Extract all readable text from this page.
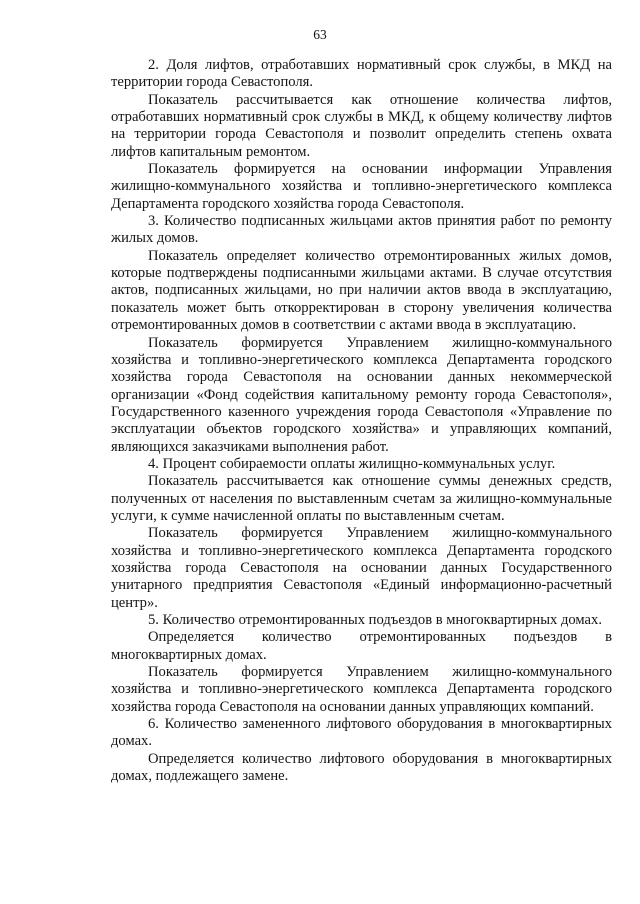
63

2. Доля лифтов, отработавших нормативный срок службы, в МКД на территории города Севастополя.

Показатель рассчитывается как отношение количества лифтов, отработавших нормативный срок службы в МКД, к общему количеству лифтов на территории города Севастополя и позволит определить степень охвата лифтов капитальным ремонтом.

Показатель формируется на основании информации Управления жилищно-коммунального хозяйства и топливно-энергетического комплекса Департамента городского хозяйства города Севастополя.

3. Количество подписанных жильцами актов принятия работ по ремонту жилых домов.

Показатель определяет количество отремонтированных жилых домов, которые подтверждены подписанными жильцами актами. В случае отсутствия актов, подписанных жильцами, но при наличии актов ввода в эксплуатацию, показатель может быть откорректирован в сторону увеличения количества отремонтированных домов в соответствии с актами ввода в эксплуатацию.

Показатель формируется Управлением жилищно-коммунального хозяйства и топливно-энергетического комплекса Департамента городского хозяйства города Севастополя на основании данных некоммерческой организации «Фонд содействия капитальному ремонту города Севастополя», Государственного казенного учреждения города Севастополя «Управление по эксплуатации объектов городского хозяйства» и управляющих компаний, являющихся заказчиками выполнения работ.

4. Процент собираемости оплаты жилищно-коммунальных услуг.

Показатель рассчитывается как отношение суммы денежных средств, полученных от населения по выставленным счетам за жилищно-коммунальные услуги, к сумме начисленной оплаты по выставленным счетам.

Показатель формируется Управлением жилищно-коммунального хозяйства и топливно-энергетического комплекса Департамента городского хозяйства города Севастополя на основании данных Государственного унитарного предприятия Севастополя «Единый информационно-расчетный центр».

5. Количество отремонтированных подъездов в многоквартирных домах.

Определяется количество отремонтированных подъездов в многоквартирных домах.

Показатель формируется Управлением жилищно-коммунального хозяйства и топливно-энергетического комплекса Департамента городского хозяйства города Севастополя на основании данных управляющих компаний.

6. Количество замененного лифтового оборудования в многоквартирных домах.

Определяется количество лифтового оборудования в многоквартирных домах, подлежащего замене.
